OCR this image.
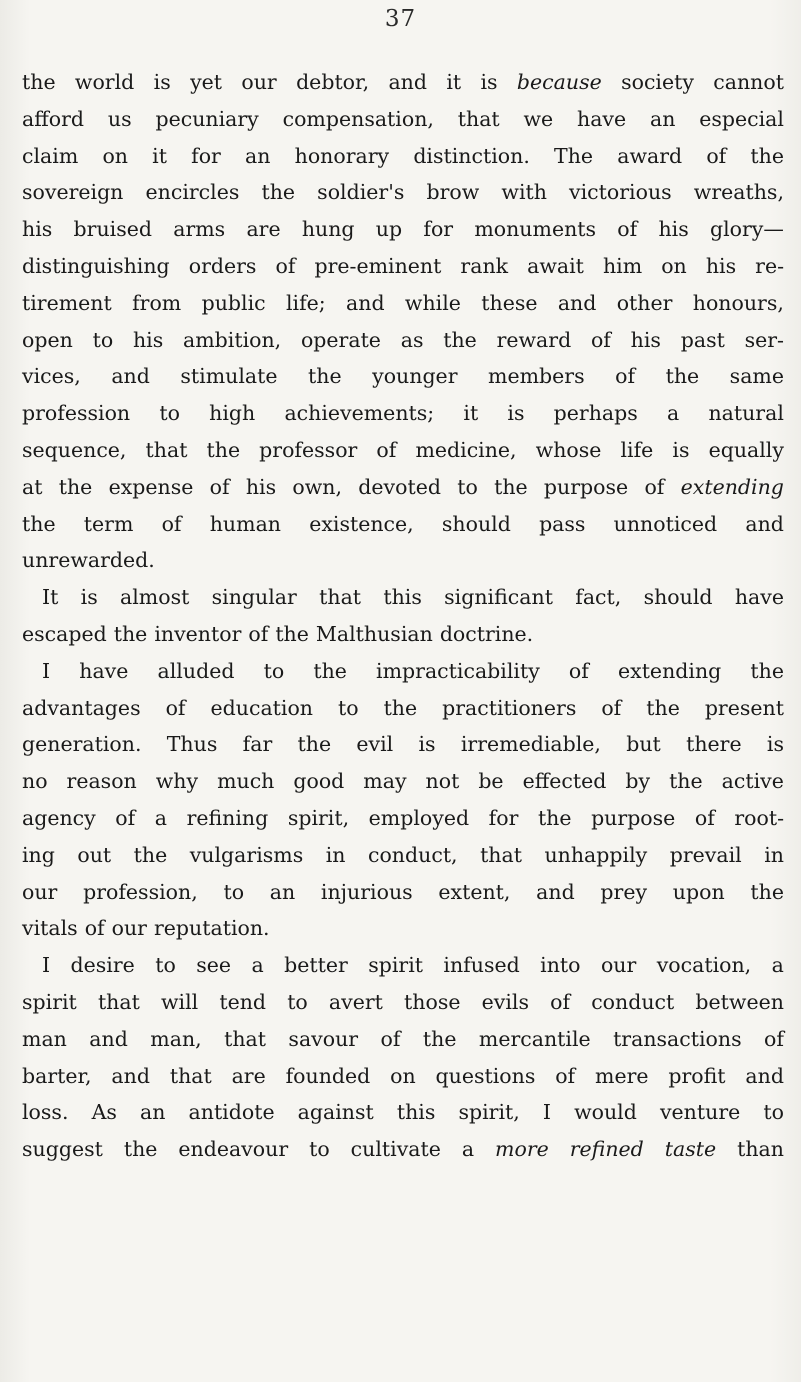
37
the world is yet our debtor, and it is because society cannot
afford us pecuniary compensation, that we have an especial
claim on it for an honorary distinction. The award of the
sovereign encircles the soldier's brow with victorious wreaths,
his bruised arms are hung up for monuments of his glory—
distinguishing orders of pre-eminent rank await him on his re-
tirement from public life; and while these and other honours,
open to his ambition, operate as the reward of his past ser-
vices, and stimulate the younger members of the same
profession to high achievements; it is perhaps a natural
sequence, that the professor of medicine, whose life is equally
at the expense of his own, devoted to the purpose of extending
the term of human existence, should pass unnoticed and
unrewarded.
It is almost singular that this significant fact, should have
escaped the inventor of the Malthusian doctrine.
I have alluded to the impracticability of extending the
advantages of education to the practitioners of the present
generation. Thus far the evil is irremediable, but there is
no reason why much good may not be effected by the active
agency of a refining spirit, employed for the purpose of root-
ing out the vulgarisms in conduct, that unhappily prevail in
our profession, to an injurious extent, and prey upon the
vitals of our reputation.
I desire to see a better spirit infused into our vocation, a
spirit that will tend to avert those evils of conduct between
man and man, that savour of the mercantile transactions of
barter, and that are founded on questions of mere profit and
loss. As an antidote against this spirit, I would venture to
suggest the endeavour to cultivate a more refined taste than
